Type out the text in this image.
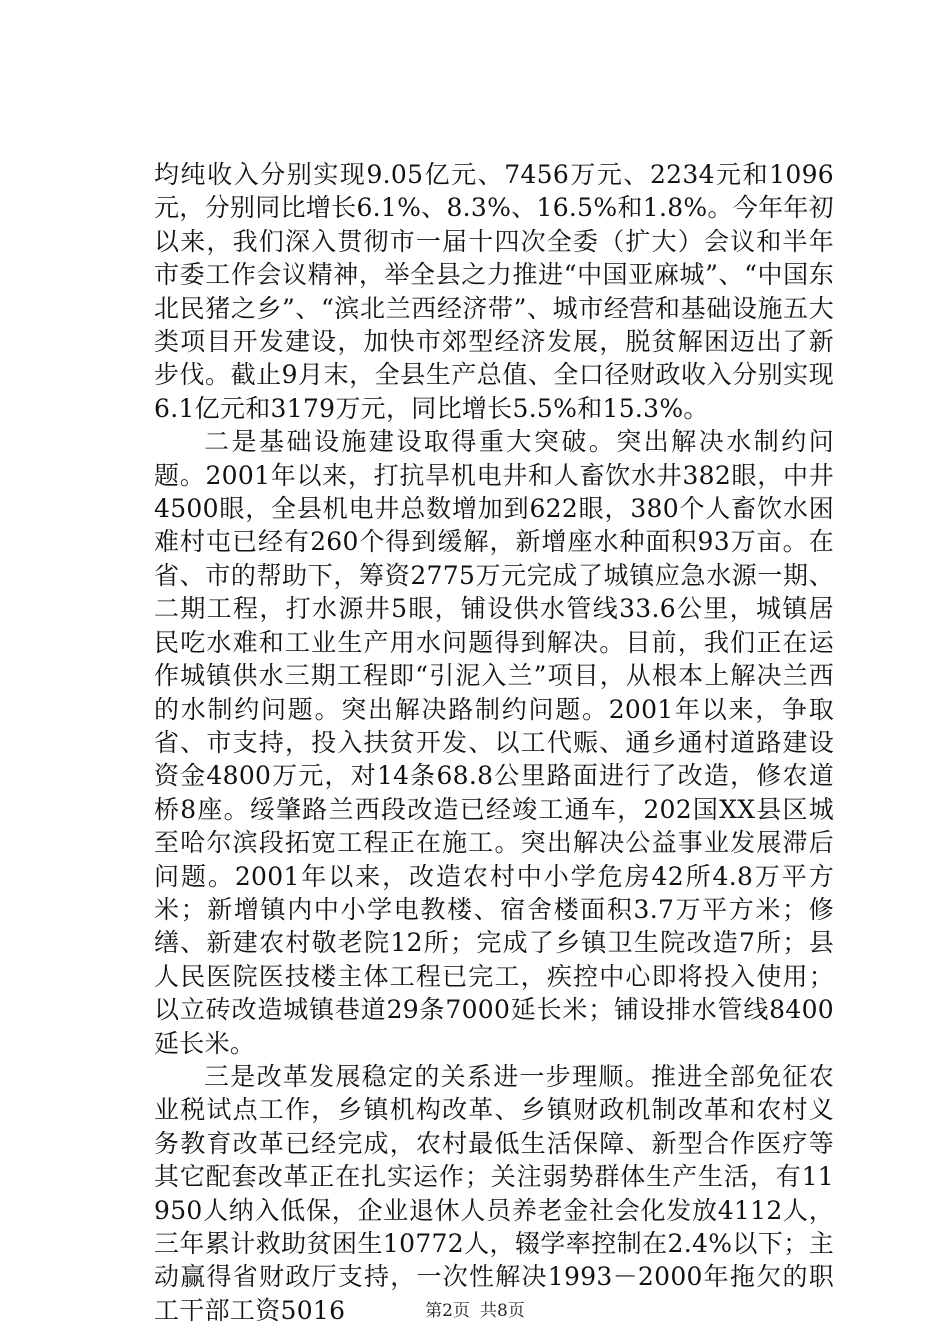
均纯收入分别实现9.05亿元、7456万元、2234元和1096元，分别同比增长6.1%、8.3%、16.5%和1.8%。今年年初以来，我们深入贯彻市一届十四次全委（扩大）会议和半年市委工作会议精神，举全县之力推进“中国亚麻城”、“中国东北民猪之乡”、“滨北兰西经济带”、城市经营和基础设施五大类项目开发建设，加快市郊型经济发展，脱贫解困迈出了新步伐。截止9月末，全县生产总值、全口径财政收入分别实现6.1亿元和3179万元，同比增长5.5%和15.3%。

二是基础设施建设取得重大突破。突出解决水制约问题。2001年以来，打抗旱机电井和人畜饮水井382眼，中井4500眼，全县机电井总数增加到622眼，380个人畜饮水困难村屯已经有260个得到缓解，新增座水种面积93万亩。在省、市的帮助下，筹资2775万元完成了城镇应急水源一期、二期工程，打水源井5眼，铺设供水管线33.6公里，城镇居民吃水难和工业生产用水问题得到解决。目前，我们正在运作城镇供水三期工程即“引泥入兰”项目，从根本上解决兰西的水制约问题。突出解决路制约问题。2001年以来，争取省、市支持，投入扶贫开发、以工代赈、通乡通村道路建设资金4800万元，对14条68.8公里路面进行了改造，修农道桥8座。绥肇路兰西段改造已经竣工通车，202国XX县区城至哈尔滨段拓宽工程正在施工。突出解决公益事业发展滞后问题。2001年以来，改造农村中小学危房42所4.8万平方米；新增镇内中小学电教楼、宿舍楼面积3.7万平方米；修缮、新建农村敬老院12所；完成了乡镇卫生院改造7所；县人民医院医技楼主体工程已完工，疾控中心即将投入使用；以立砖改造城镇巷道29条7000延长米；铺设排水管线8400延长米。

三是改革发展稳定的关系进一步理顺。推进全部免征农业税试点工作，乡镇机构改革、乡镇财政机制改革和农村义务教育改革已经完成，农村最低生活保障、新型合作医疗等其它配套改革正在扎实运作；关注弱势群体生产生活，有11950人纳入低保，企业退休人员养老金社会化发放4112人，三年累计救助贫困生10772人，辍学率控制在2.4%以下；主动赢得省财政厅支持，一次性解决1993－2000年拖欠的职工干部工资5016	第2页 共8页
